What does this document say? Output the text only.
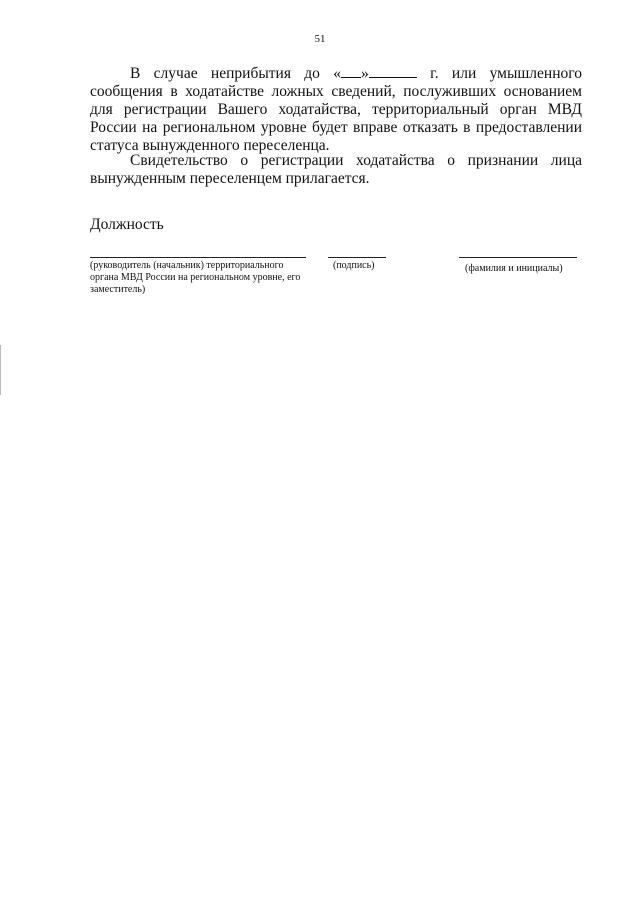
51

В случае неприбытия до « »	г. или умышленного сообщения в ходатайстве ложных сведений, послуживших основанием для регистрации Вашего ходатайства, территориальный орган МВД России на региональном уровне будет вправе отказать в предоставлении статуса вынужденного переселенца.

Свидетельство о регистрации ходатайства о признании лица вынужденным переселенцем прилагается.

Должность
(руководитель (начальник) территориального органа МВД России на региональном уровне, его заместитель)
(подпись)	(фамилия и инициалы)
